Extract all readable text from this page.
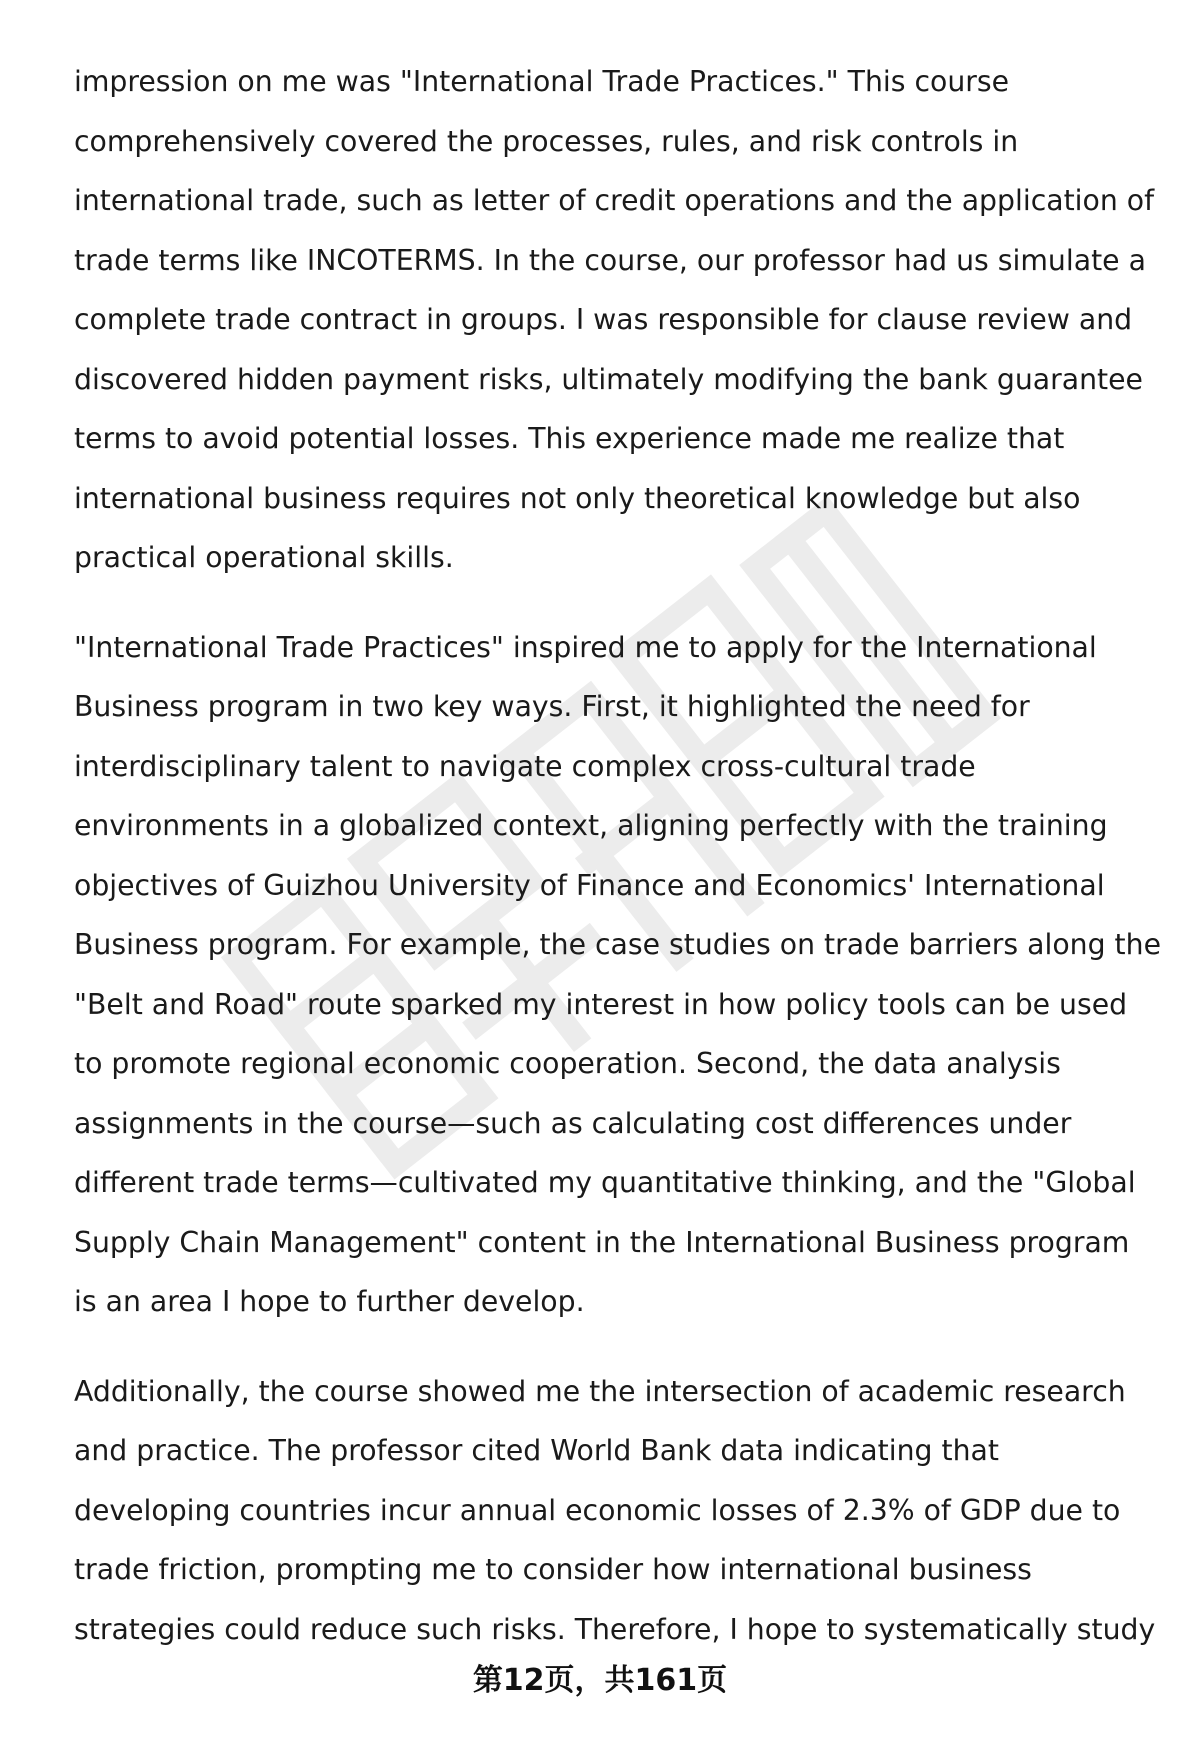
impression on me was "International Trade Practices." This course
comprehensively covered the processes, rules, and risk controls in
international trade, such as letter of credit operations and the application of
trade terms like INCOTERMS. In the course, our professor had us simulate a
complete trade contract in groups. I was responsible for clause review and
discovered hidden payment risks, ultimately modifying the bank guarantee
terms to avoid potential losses. This experience made me realize that
international business requires not only theoretical knowledge but also
practical operational skills.

"International Trade Practices" inspired me to apply for the International
Business program in two key ways. First, it highlighted the need for
interdisciplinary talent to navigate complex cross-cultural trade
environments in a globalized context, aligning perfectly with the training
objectives of Guizhou University of Finance and Economics' International
Business program. For example, the case studies on trade barriers along the
"Belt and Road" route sparked my interest in how policy tools can be used
to promote regional economic cooperation. Second, the data analysis
assignments in the course—such as calculating cost differences under
different trade terms—cultivated my quantitative thinking, and the "Global
Supply Chain Management" content in the International Business program
is an area I hope to further develop.

Additionally, the course showed me the intersection of academic research
and practice. The professor cited World Bank data indicating that
developing countries incur annual economic losses of 2.3% of GDP due to
trade friction, prompting me to consider how international business
strategies could reduce such risks. Therefore, I hope to systematically study

第12页，共161页
